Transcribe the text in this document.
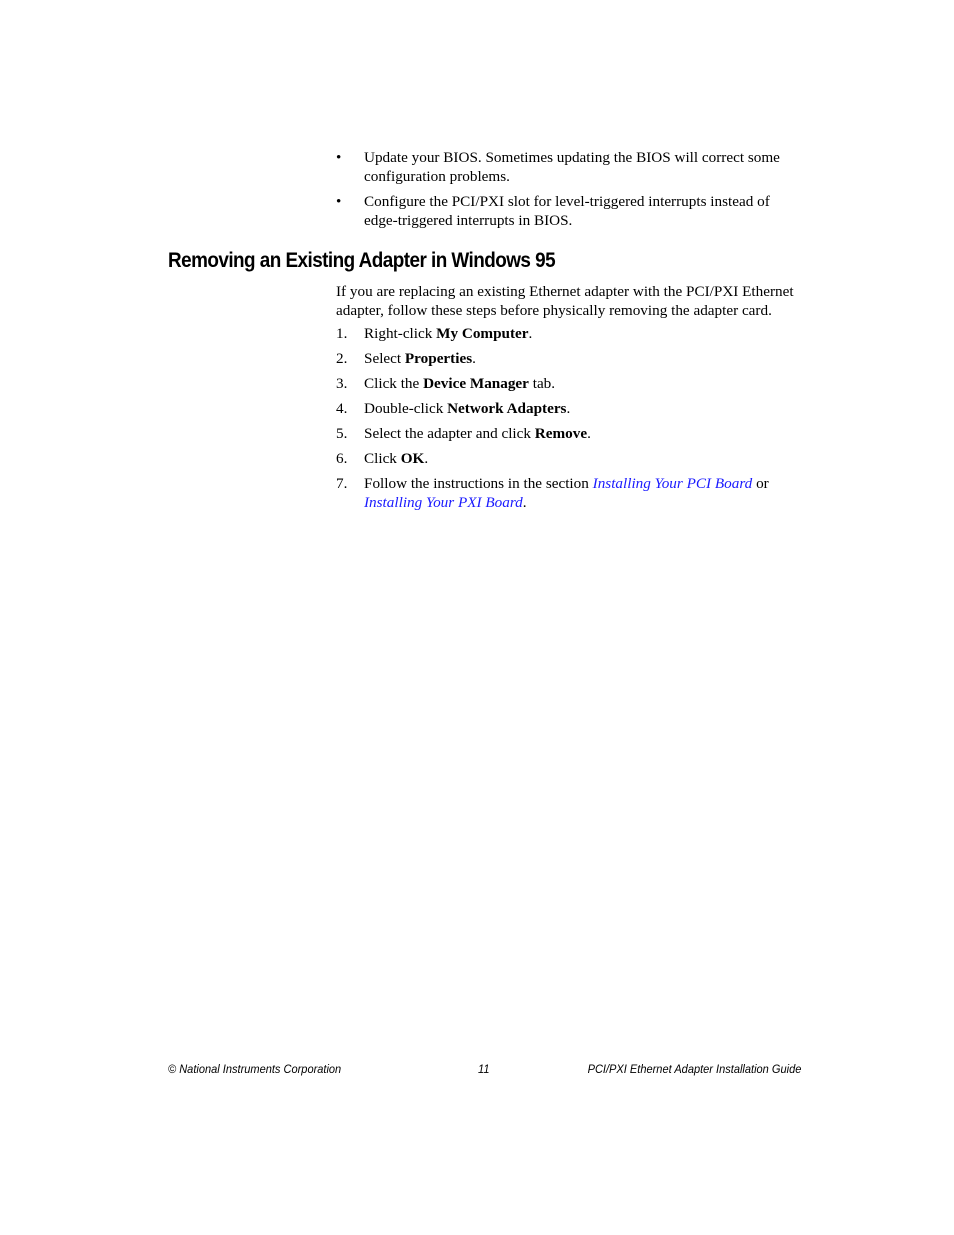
• Update your BIOS. Sometimes updating the BIOS will correct some configuration problems.
• Configure the PCI/PXI slot for level-triggered interrupts instead of edge-triggered interrupts in BIOS.
Removing an Existing Adapter in Windows 95

If you are replacing an existing Ethernet adapter with the PCI/PXI Ethernet adapter, follow these steps before physically removing the adapter card.

1. Right-click My Computer.
2. Select Properties.
3. Click the Device Manager tab.
4. Double-click Network Adapters.
5. Select the adapter and click Remove.
6. Click OK.
7. Follow the instructions in the section Installing Your PCI Board or Installing Your PXI Board.
© National Instruments Corporation	11	PCI/PXI Ethernet Adapter Installation Guide
